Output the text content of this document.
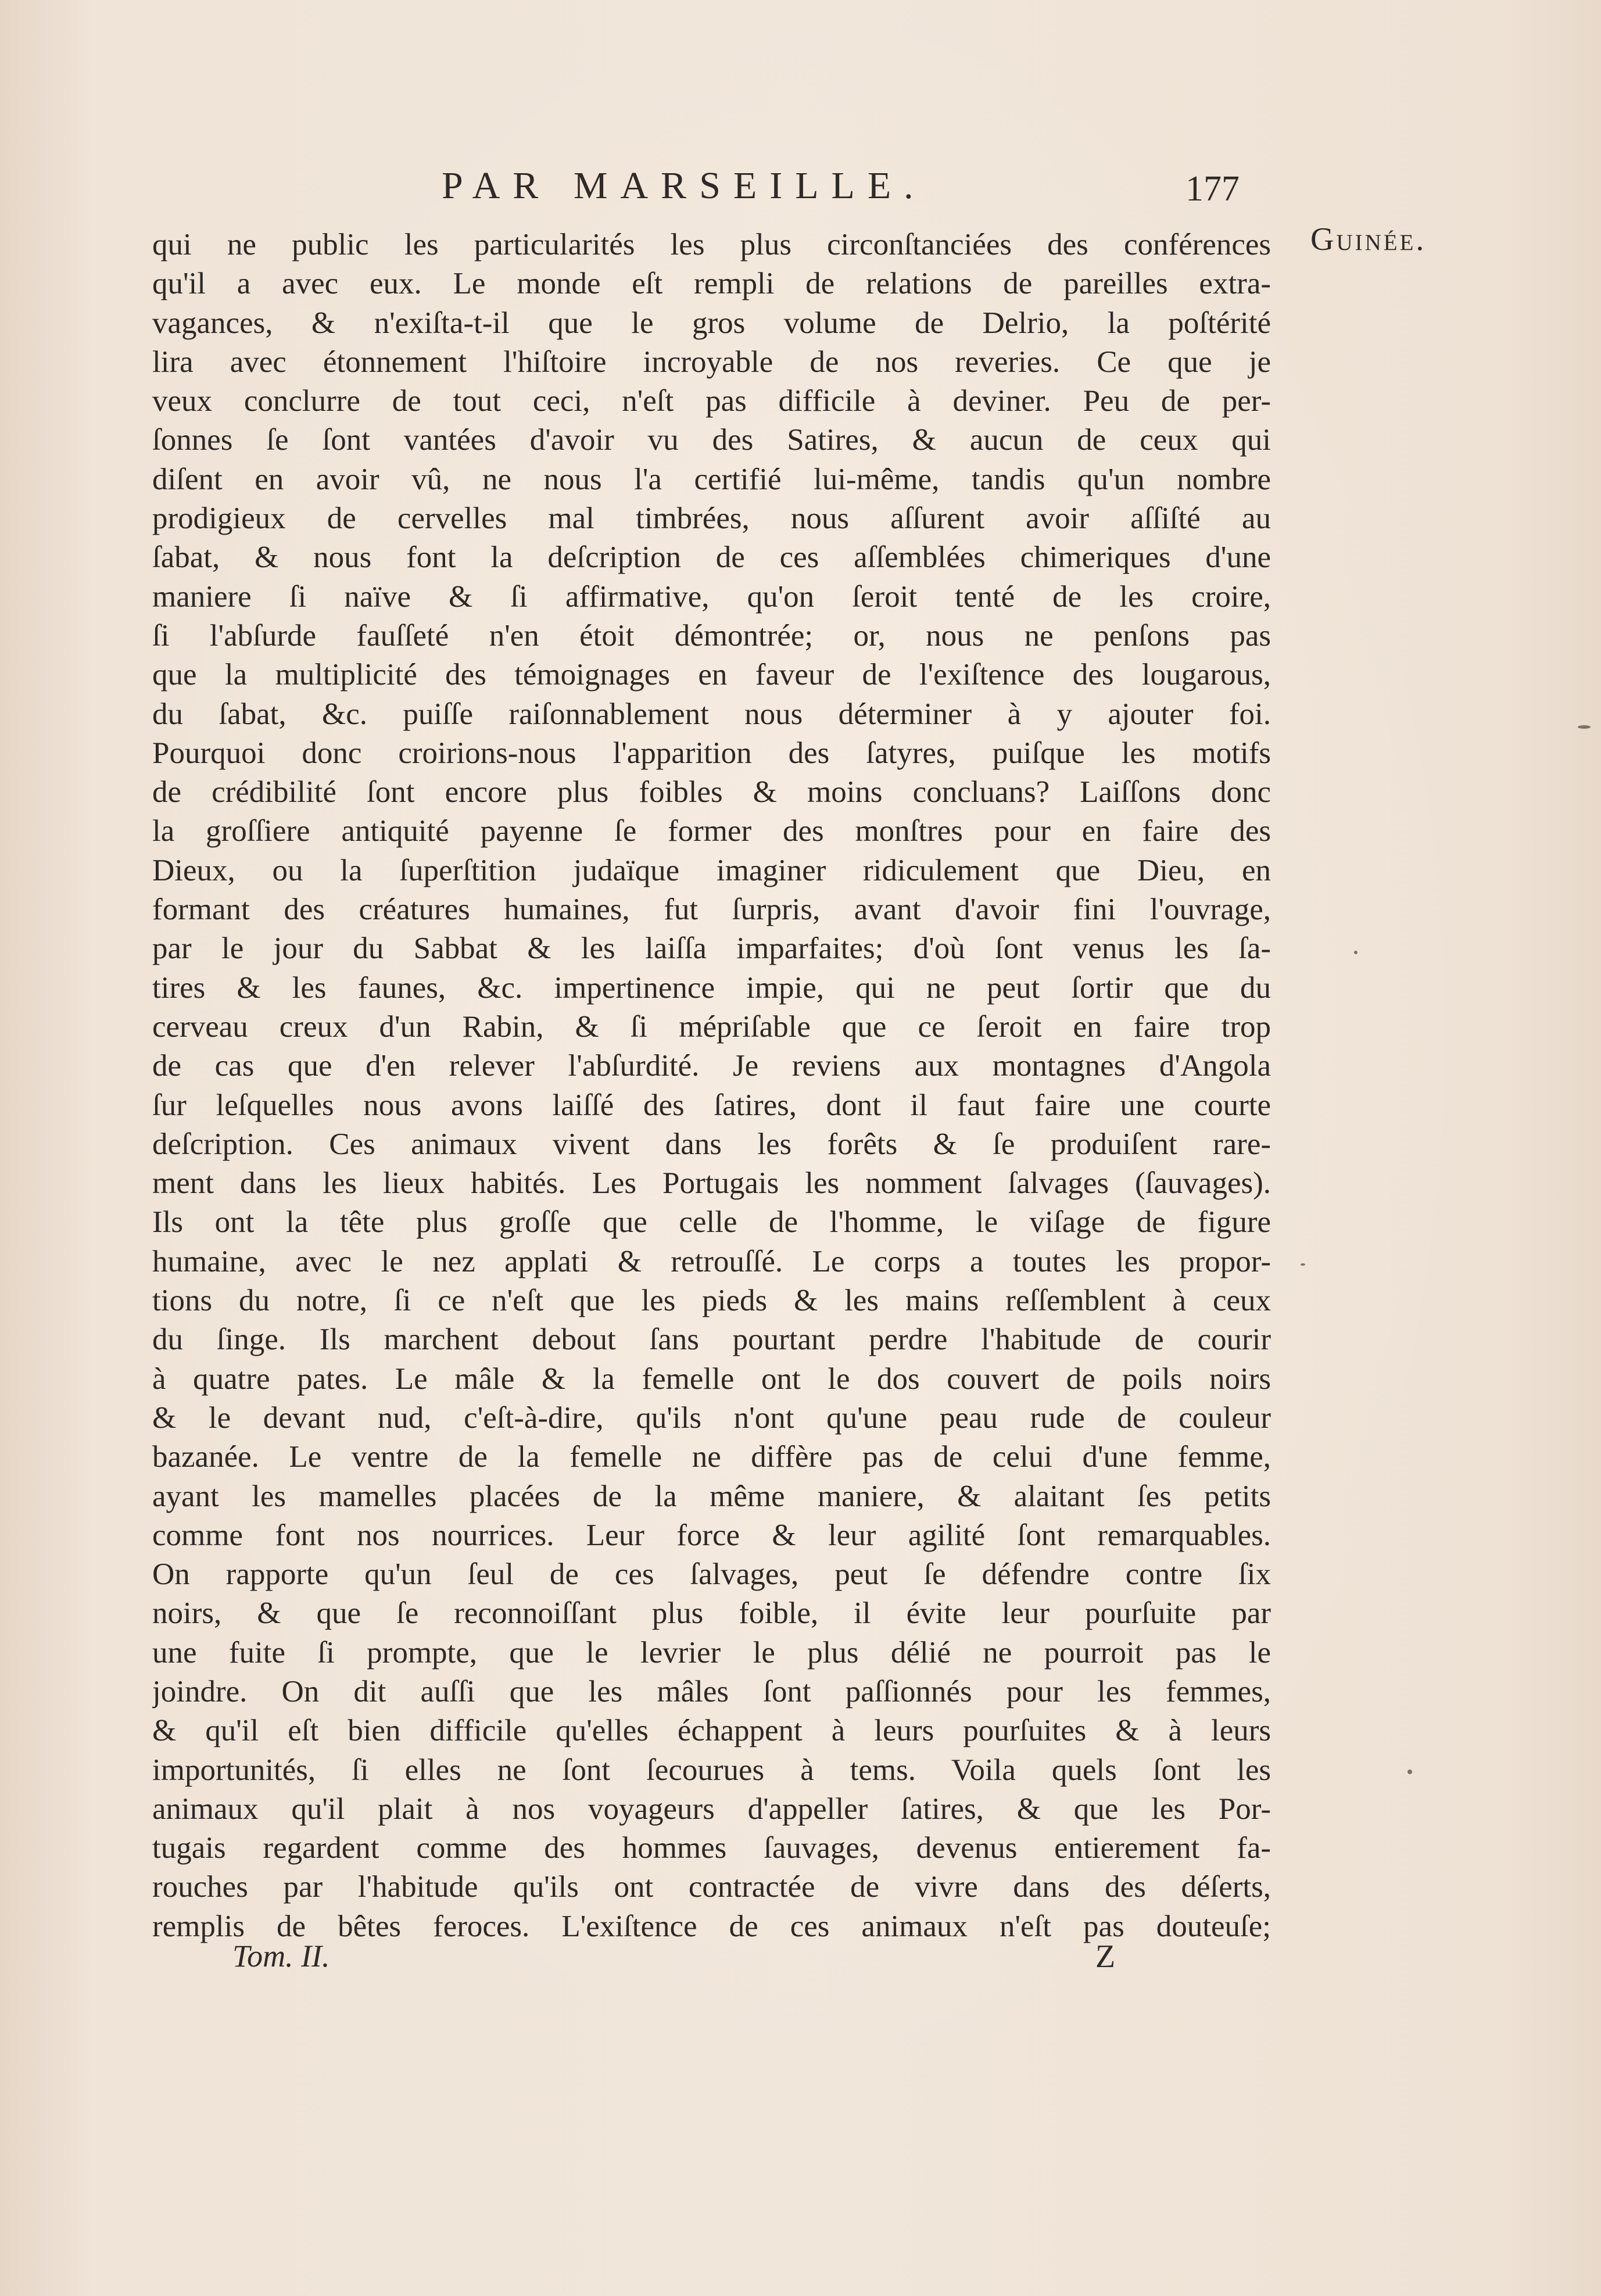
PAR MARSEILLE.	177
Guinée.
qui ne public les particularités les plus circonſtanciées des conférences
qu'il a avec eux. Le monde eſt rempli de relations de pareilles extra-
vagances, & n'exiſta-t-il que le gros volume de Delrio, la poſtérité
lira avec étonnement l'hiſtoire incroyable de nos reveries. Ce que je
veux conclurre de tout ceci, n'eſt pas difficile à deviner. Peu de per-
ſonnes ſe ſont vantées d'avoir vu des Satires, & aucun de ceux qui
diſent en avoir vû, ne nous l'a certifié lui-même, tandis qu'un nombre
prodigieux de cervelles mal timbrées, nous aſſurent avoir aſſiſté au
ſabat, & nous font la deſcription de ces aſſemblées chimeriques d'une
maniere ſi naïve & ſi affirmative, qu'on ſeroit tenté de les croire,
ſi l'abſurde fauſſeté n'en étoit démontrée; or, nous ne penſons pas
que la multiplicité des témoignages en faveur de l'exiſtence des lougarous,
du ſabat, &c. puiſſe raiſonnablement nous déterminer à y ajouter foi.
Pourquoi donc croirions-nous l'apparition des ſatyres, puiſque les motifs
de crédibilité ſont encore plus foibles & moins concluans? Laiſſons donc
la groſſiere antiquité payenne ſe former des monſtres pour en faire des
Dieux, ou la ſuperſtition judaïque imaginer ridiculement que Dieu, en
formant des créatures humaines, fut ſurpris, avant d'avoir fini l'ouvrage,
par le jour du Sabbat & les laiſſa imparfaites; d'où ſont venus les ſa-
tires & les faunes, &c. impertinence impie, qui ne peut ſortir que du
cerveau creux d'un Rabin, & ſi mépriſable que ce ſeroit en faire trop
de cas que d'en relever l'abſurdité. Je reviens aux montagnes d'Angola
ſur leſquelles nous avons laiſſé des ſatires, dont il faut faire une courte
deſcription. Ces animaux vivent dans les forêts & ſe produiſent rare-
ment dans les lieux habités. Les Portugais les nomment ſalvages (ſauvages).
Ils ont la tête plus groſſe que celle de l'homme, le viſage de figure
humaine, avec le nez applati & retrouſſé. Le corps a toutes les propor-
tions du notre, ſi ce n'eſt que les pieds & les mains reſſemblent à ceux
du ſinge. Ils marchent debout ſans pourtant perdre l'habitude de courir
à quatre pates. Le mâle & la femelle ont le dos couvert de poils noirs
& le devant nud, c'eſt-à-dire, qu'ils n'ont qu'une peau rude de couleur
bazanée. Le ventre de la femelle ne diffère pas de celui d'une femme,
ayant les mamelles placées de la même maniere, & alaitant ſes petits
comme font nos nourrices. Leur force & leur agilité ſont remarquables.
On rapporte qu'un ſeul de ces ſalvages, peut ſe défendre contre ſix
noirs, & que ſe reconnoiſſant plus foible, il évite leur pourſuite par
une fuite ſi prompte, que le levrier le plus délié ne pourroit pas le
joindre. On dit auſſi que les mâles ſont paſſionnés pour les femmes,
& qu'il eſt bien difficile qu'elles échappent à leurs pourſuites & à leurs
importunités, ſi elles ne ſont ſecourues à tems. Voila quels ſont les
animaux qu'il plait à nos voyageurs d'appeller ſatires, & que les Por-
tugais regardent comme des hommes ſauvages, devenus entierement fa-
rouches par l'habitude qu'ils ont contractée de vivre dans des déſerts,
remplis de bêtes feroces. L'exiſtence de ces animaux n'eſt pas douteuſe;
Tom. II.	Z
